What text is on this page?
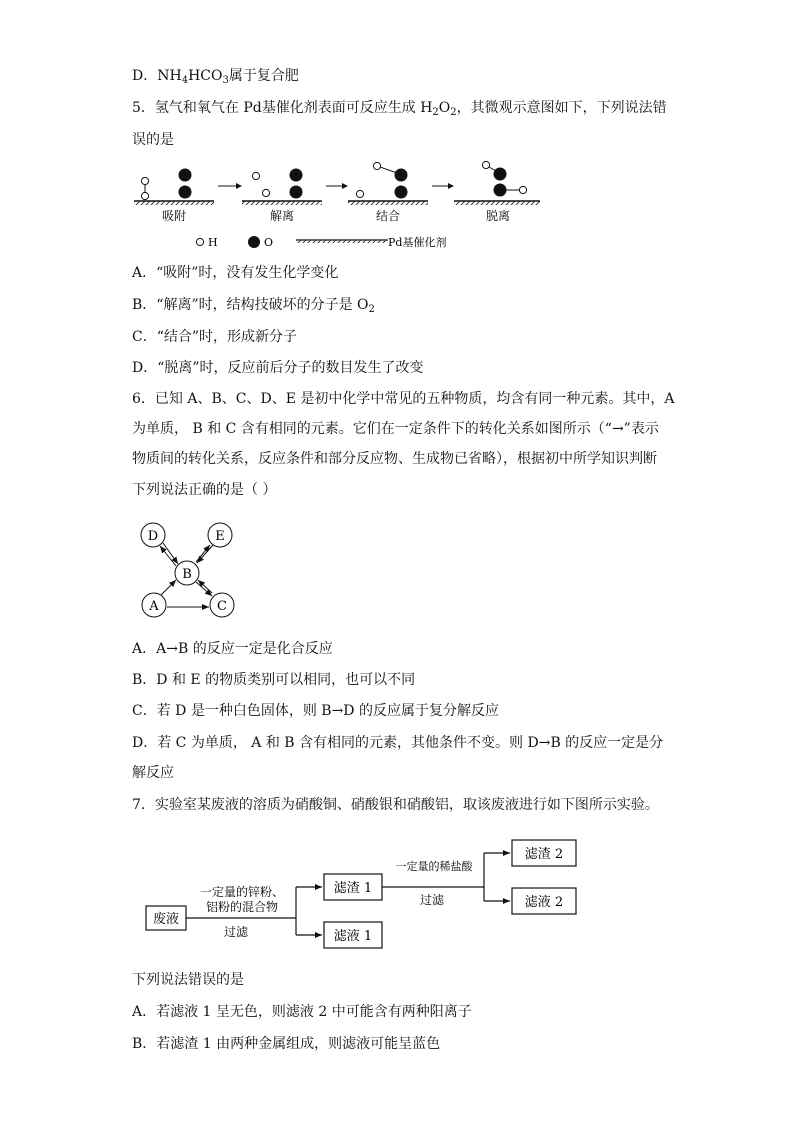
D．$NH_4HCO_3$属于复合肥
5．氢气和氧气在 Pd基催化剂表面可反应生成 $H_2O_2$，其微观示意图如下，下列说法错
误的是
吸附	解离	结合	脱离
H	O	Pd基催化剂
A．“吸附”时，没有发生化学变化
B．“解离”时，结构技破坏的分子是 $O_2$
C．“结合”时，形成新分子
D．“脱离”时，反应前后分子的数目发生了改变
6．已知 A、B、C、D、E 是初中化学中常见的五种物质，均含有同一种元素。其中，A
为单质， B 和 C 含有相同的元素。它们在一定条件下的转化关系如图所示（“→”表示
物质间的转化关系，反应条件和部分反应物、生成物已省略），根据初中所学知识判断
下列说法正确的是（ ）
D	E
B
A	C
A．A→B 的反应一定是化合反应
B．D 和 E 的物质类别可以相同，也可以不同
C．若 D 是一种白色固体，则 B→D 的反应属于复分解反应
D．若 C 为单质， A 和 B 含有相同的元素，其他条件不变。则 D→B 的反应一定是分
解反应
7．实验室某废液的溶质为硝酸铜、硝酸银和硝酸铝，取该废液进行如下图所示实验。
废液
滤渣 1
滤液 1
滤渣 2
滤液 2
一定量的锌粉、
铝粉的混合物
过滤
一定量的稀盐酸
过滤
下列说法错误的是
A．若滤液 1 呈无色，则滤液 2 中可能含有两种阳离子
B．若滤渣 1 由两种金属组成，则滤液可能呈蓝色
